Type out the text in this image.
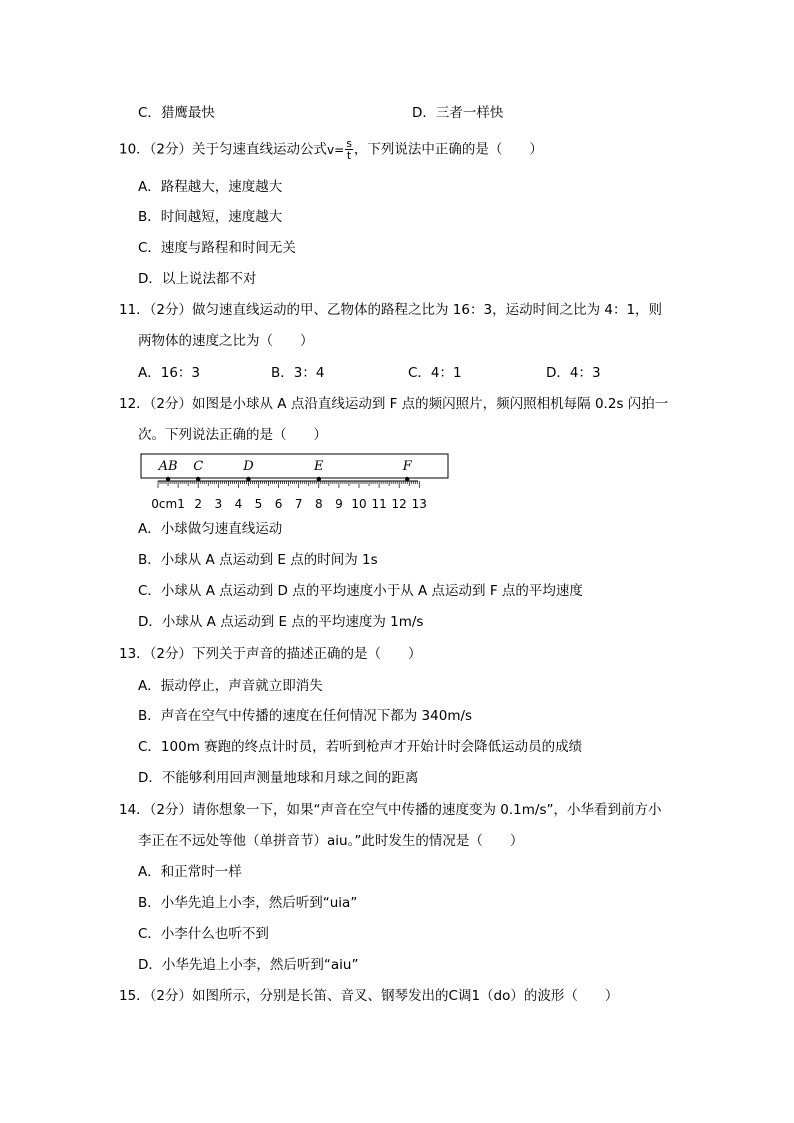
C．猎鹰最快	D．三者一样快
10．（2分）关于匀速直线运动公式$v= \frac{s}{t}$ ，下列说法中正确的是（　　）
A．路程越大，速度越大
B．时间越短，速度越大
C．速度与路程和时间无关
D．以上说法都不对
11．（2分）做匀速直线运动的甲、乙物体的路程之比为 16：3，运动时间之比为 4：1，则
两物体的速度之比为（　　）
A．16：3	B．3：4	C．4：1	D．4：3
12．（2分）如图是小球从 A 点沿直线运动到 F 点的频闪照片，频闪照相机每隔 0.2s 闪拍一
次。下列说法正确的是（　　）
AB C	D	E	F
0cm1 2 3 4 5 6 7 8 9 10 11 12 13
A．小球做匀速直线运动
B．小球从 A 点运动到 E 点的时间为 1s
C．小球从 A 点运动到 D 点的平均速度小于从 A 点运动到 F 点的平均速度
D．小球从 A 点运动到 E 点的平均速度为 1m/s
13．（2分）下列关于声音的描述正确的是（　　）
A．振动停止，声音就立即消失
B．声音在空气中传播的速度在任何情况下都为 340m/s
C．100m 赛跑的终点计时员，若听到枪声才开始计时会降低运动员的成绩
D．不能够利用回声测量地球和月球之间的距离
14．（2分）请你想象一下，如果“声音在空气中传播的速度变为 0.1m/s”，小华看到前方小
李正在不远处等他（单拼音节）aiu。”此时发生的情况是（　　）
A．和正常时一样
B．小华先追上小李，然后听到“uia”
C．小李什么也听不到
D．小华先追上小李，然后听到“aiu”
15．（2分）如图所示，分别是长笛、音叉、钢琴发出的C调1（do）的波形（　　）
